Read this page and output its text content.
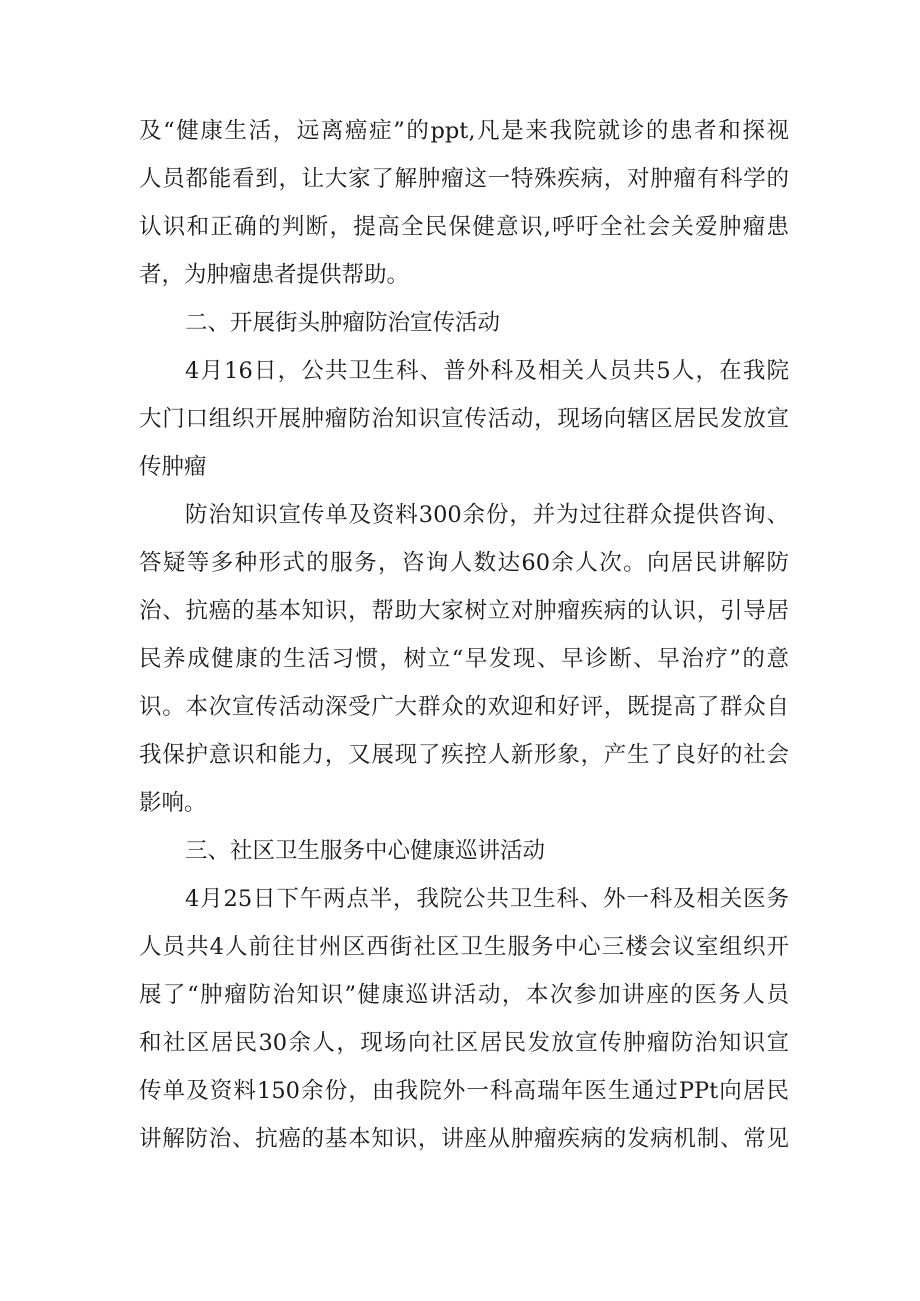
及“健康生活，远离癌症”的ppt,凡是来我院就诊的患者和探视
人员都能看到，让大家了解肿瘤这一特殊疾病，对肿瘤有科学的
认识和正确的判断，提高全民保健意识,呼吁全社会关爱肿瘤患
者，为肿瘤患者提供帮助。
二、开展街头肿瘤防治宣传活动
4月16日，公共卫生科、普外科及相关人员共5人，在我院
大门口组织开展肿瘤防治知识宣传活动，现场向辖区居民发放宣
传肿瘤
防治知识宣传单及资料300余份，并为过往群众提供咨询、
答疑等多种形式的服务，咨询人数达60余人次。向居民讲解防
治、抗癌的基本知识，帮助大家树立对肿瘤疾病的认识，引导居
民养成健康的生活习惯，树立“早发现、早诊断、早治疗”的意
识。本次宣传活动深受广大群众的欢迎和好评，既提高了群众自
我保护意识和能力，又展现了疾控人新形象，产生了良好的社会
影响。
三、社区卫生服务中心健康巡讲活动
4月25日下午两点半，我院公共卫生科、外一科及相关医务
人员共4人前往甘州区西街社区卫生服务中心三楼会议室组织开
展了“肿瘤防治知识”健康巡讲活动，本次参加讲座的医务人员
和社区居民30余人，现场向社区居民发放宣传肿瘤防治知识宣
传单及资料150余份，由我院外一科高瑞年医生通过PPt向居民
讲解防治、抗癌的基本知识，讲座从肿瘤疾病的发病机制、常见
